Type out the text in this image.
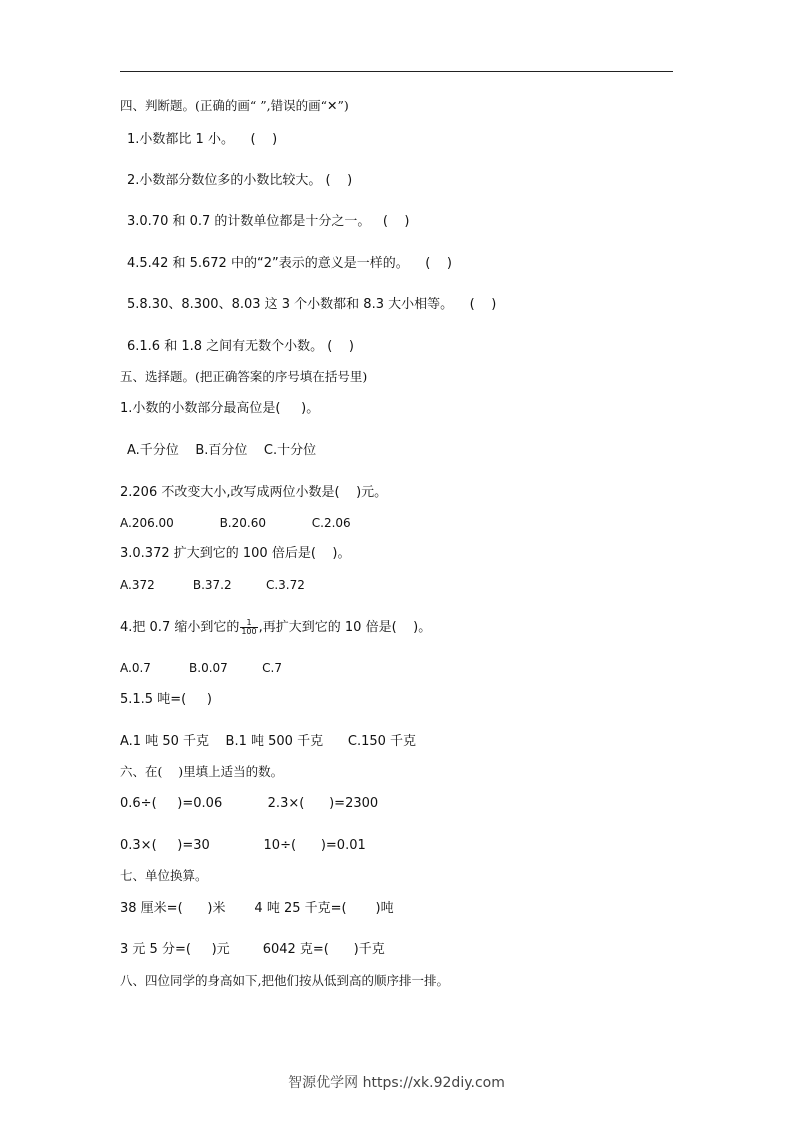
四、判断题。(正确的画“ ”,错误的画“✕”)
1.小数都比 1 小。    (    )
2.小数部分数位多的小数比较大。 (    )
3.0.70 和 0.7 的计数单位都是十分之一。   (    )
4.5.42 和 5.672 中的“2”表示的意义是一样的。    (    )
5.8.30、8.300、8.03 这 3 个小数都和 8.3 大小相等。    (    )
6.1.6 和 1.8 之间有无数个小数。 (    )
五、选择题。(把正确答案的序号填在括号里)
1.小数的小数部分最高位是(     )。
A.千分位    B.百分位    C.十分位
2.206 不改变大小,改写成两位小数是(    )元。
A.206.00            B.20.60            C.2.06
3.0.372 扩大到它的 100 倍后是(    )。
A.372          B.37.2         C.3.72
4.把 0.7 缩小到它的 $\frac{1}{100}$ ,再扩大到它的 10 倍是(    )。
A.0.7          B.0.07         C.7
5.1.5 吨=(     )
A.1 吨 50 千克    B.1 吨 500 千克      C.150 千克
六、在(    )里填上适当的数。
0.6÷(     )=0.06           2.3×(      )=2300
0.3×(     )=30             10÷(      )=0.01
七、单位换算。
38 厘米=(      )米       4 吨 25 千克=(       )吨
3 元 5 分=(     )元        6042 克=(      )千克
八、四位同学的身高如下,把他们按从低到高的顺序排一排。
智源优学网 https://xk.92diy.com
